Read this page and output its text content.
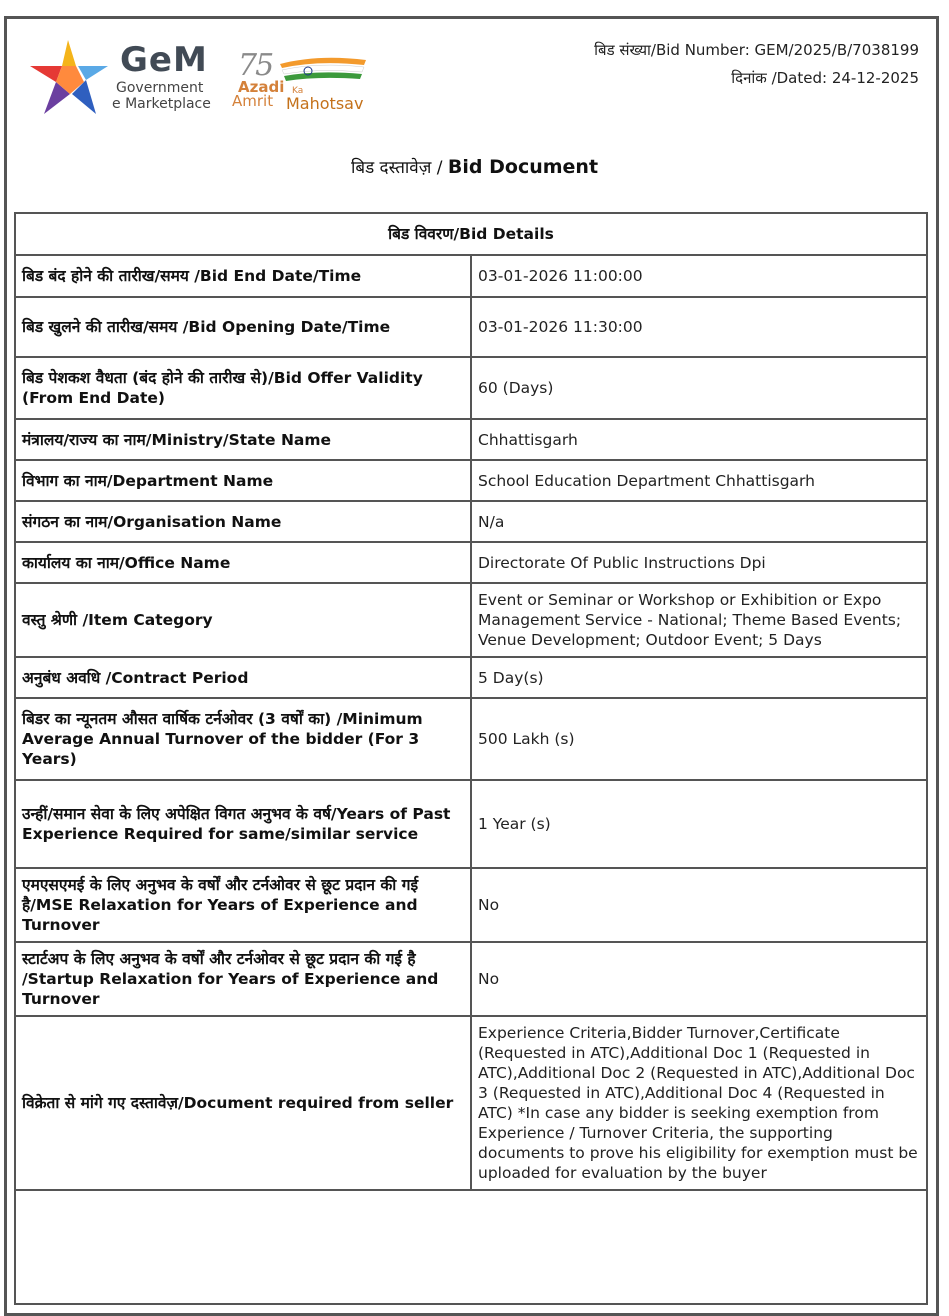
GeM
Government
e Marketplace
75
Azadi Ka
Amrit Mahotsav
बिड संख्या/Bid Number: GEM/2025/B/7038199
दिनांक /Dated: 24-12-2025
बिड दस्तावेज़ / Bid Document
बिड विवरण/Bid Details	
बिड बंद होने की तारीख/समय /Bid End Date/Time	03-01-2026 11:00:00
बिड खुलने की तारीख/समय /Bid Opening Date/Time	03-01-2026 11:30:00
बिड पेशकश वैधता (बंद होने की तारीख से)/Bid Offer Validity (From End Date)	60 (Days)
मंत्रालय/राज्य का नाम/Ministry/State Name	Chhattisgarh
विभाग का नाम/Department Name	School Education Department Chhattisgarh
संगठन का नाम/Organisation Name	N/a
कार्यालय का नाम/Office Name	Directorate Of Public Instructions Dpi
वस्तु श्रेणी /Item Category	Event or Seminar or Workshop or Exhibition or Expo Management Service - National; Theme Based Events; Venue Development; Outdoor Event; 5 Days
अनुबंध अवधि /Contract Period	5 Day(s)
बिडर का न्यूनतम औसत वार्षिक टर्नओवर (3 वर्षों का) /Minimum Average Annual Turnover of the bidder (For 3 Years)	500 Lakh (s)
उन्हीं/समान सेवा के लिए अपेक्षित विगत अनुभव के वर्ष/Years of Past Experience Required for same/similar service	1 Year (s)
एमएसएमई के लिए अनुभव के वर्षों और टर्नओवर से छूट प्रदान की गई है/MSE Relaxation for Years of Experience and Turnover	No
स्टार्टअप के लिए अनुभव के वर्षों और टर्नओवर से छूट प्रदान की गई है /Startup Relaxation for Years of Experience and Turnover	No
विक्रेता से मांगे गए दस्तावेज़/Document required from seller	Experience Criteria,Bidder Turnover,Certificate (Requested in ATC),Additional Doc 1 (Requested in ATC),Additional Doc 2 (Requested in ATC),Additional Doc 3 (Requested in ATC),Additional Doc 4 (Requested in ATC) *In case any bidder is seeking exemption from Experience / Turnover Criteria, the supporting documents to prove his eligibility for exemption must be uploaded for evaluation by the buyer
